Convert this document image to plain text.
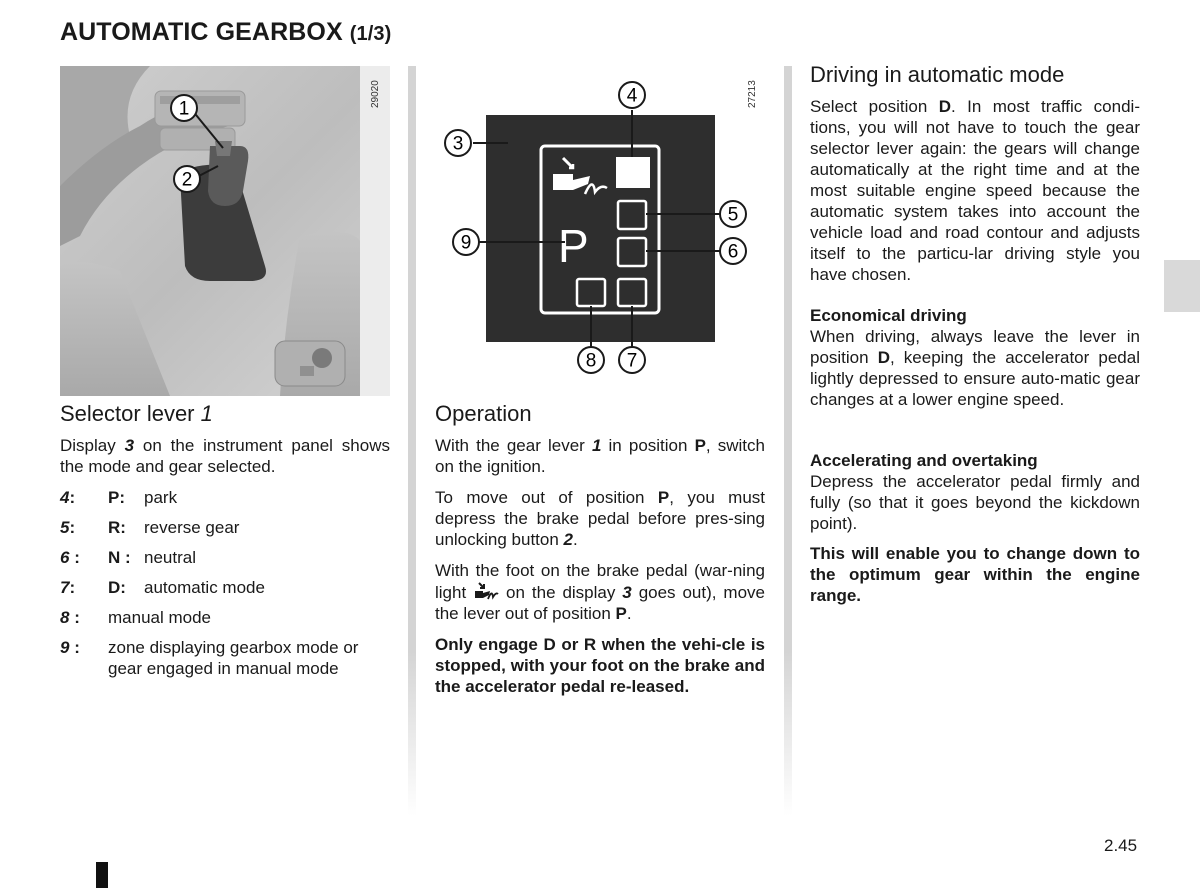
AUTOMATIC GEARBOX (1/3)
29020
1
2
Selector lever 1

Display 3 on the instrument panel shows the mode and gear selected.

4: P: park
5: R: reverse gear
6 : N : neutral
7: D: automatic mode
8 : manual mode
9 : zone displaying gearbox mode or gear engaged in manual mode
27213
P
3
4
5
6
7
8
9
Operation

With the gear lever 1 in position P, switch on the ignition.

To move out of position P, you must depress the brake pedal before pres-sing unlocking button 2.

With the foot on the brake pedal (war-ning light  on the display 3 goes out), move the lever out of position P.

Only engage D or R when the vehi-cle is stopped, with your foot on the brake and the accelerator pedal re-leased.

Driving in automatic mode

Select position D. In most traffic condi-tions, you will not have to touch the gear selector lever again: the gears will change automatically at the right time and at the most suitable engine speed because the automatic system takes into account the vehicle load and road contour and adjusts itself to the particu-lar driving style you have chosen.

Economical driving

When driving, always leave the lever in position D, keeping the accelerator pedal lightly depressed to ensure auto-matic gear changes at a lower engine speed.

Accelerating and overtaking

Depress the accelerator pedal firmly and fully (so that it goes beyond the kickdown point).

This will enable you to change down to the optimum gear within the engine range.

2.45
